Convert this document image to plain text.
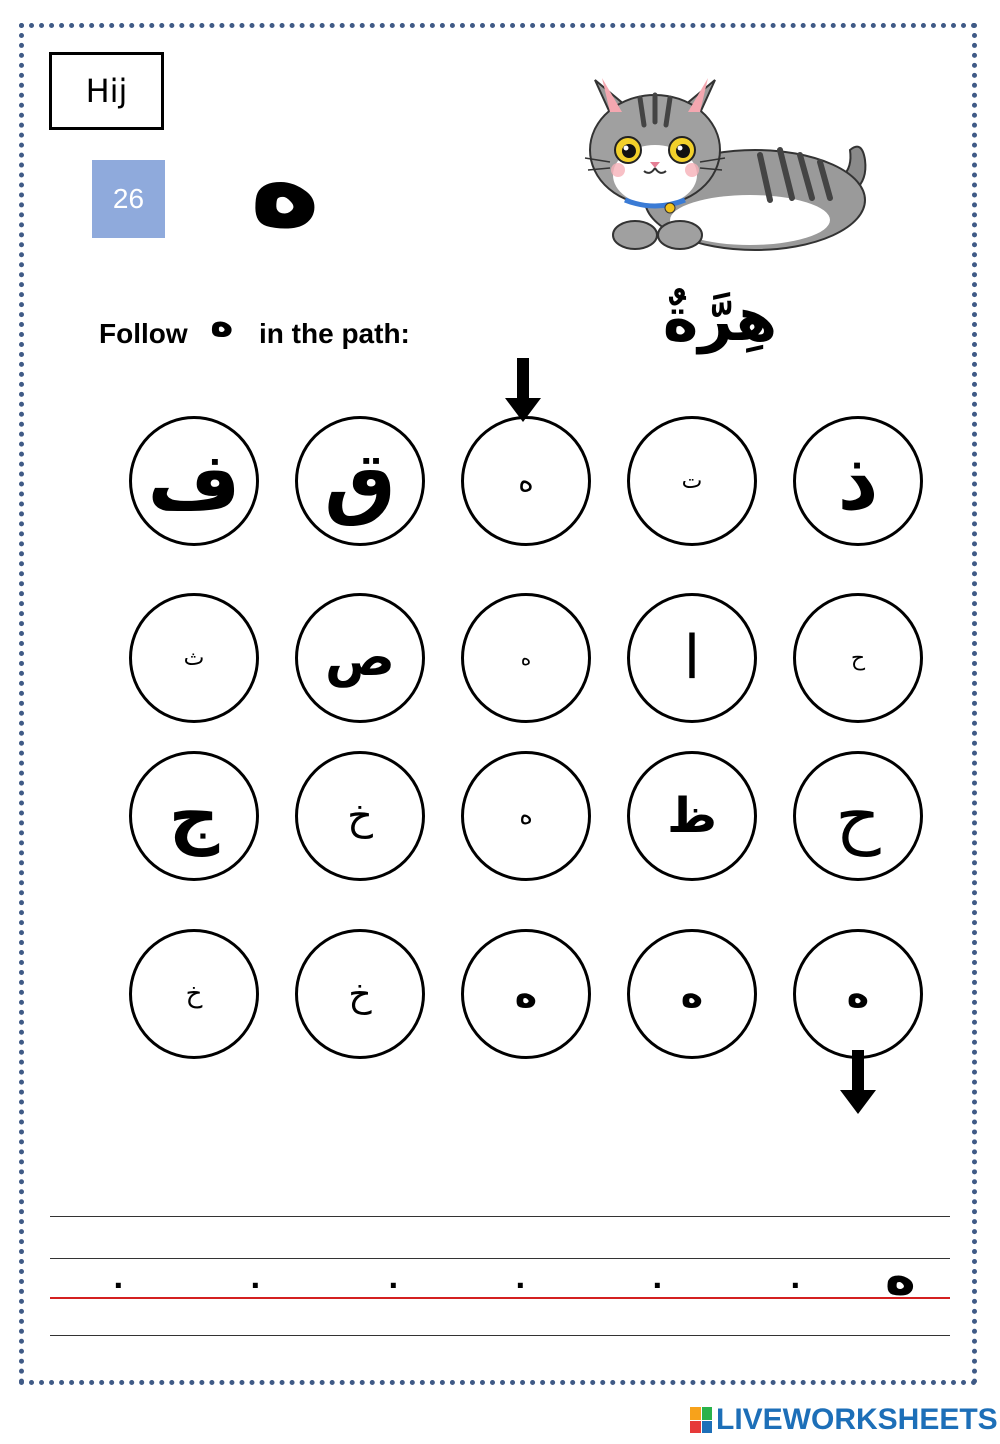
Hij
26 ه
Follow ه in the path:	هِرَّةٌ
ف ق	ه	ت ذ
ث ص	ه	ا	ح
ج	خ	ه	ظ ح
خ	خ	ه	ه	ه
.	.	.	.	.	. ه
LIVEWORKSHEETS
